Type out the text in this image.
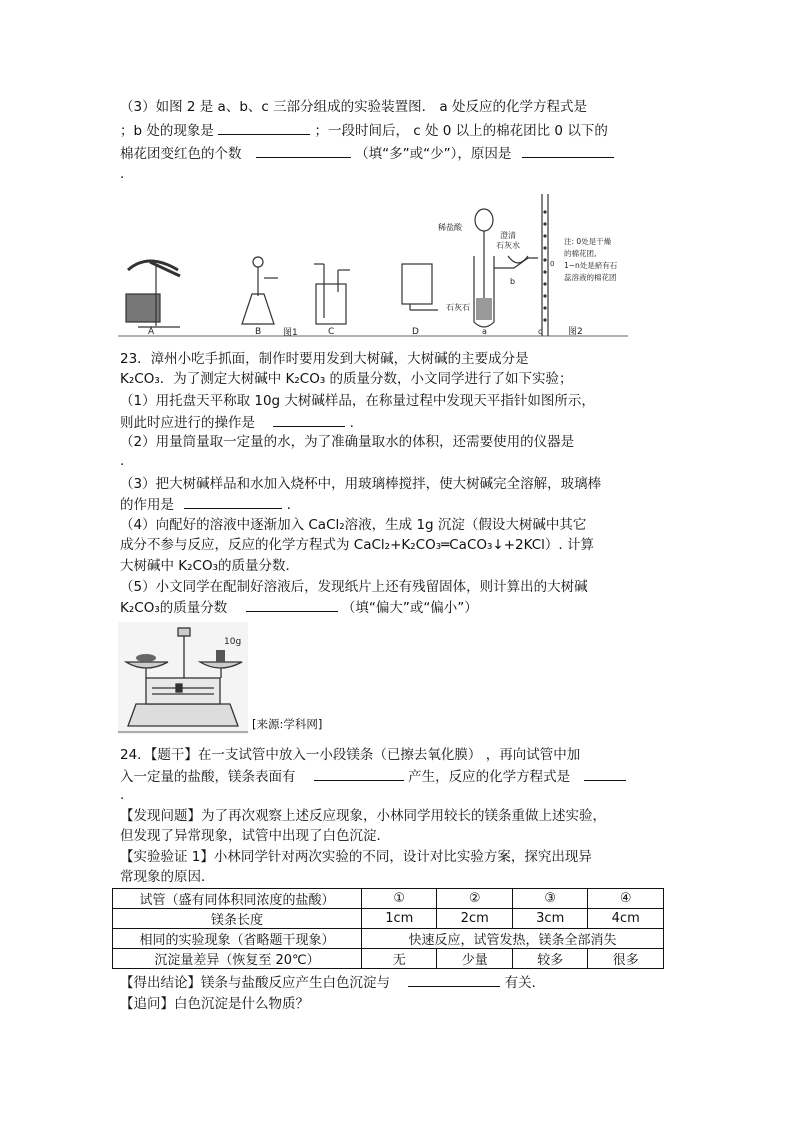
（3）如图 2 是 a、b、c 三部分组成的实验装置图． a 处反应的化学方程式是
；b 处的现象是	；一段时间后， c 处 0 以上的棉花团比 0 以下的
棉花团变红色的个数	（填“多”或“少”），原因是
.
A	B	C	D
图1
稀盐酸
澄清
石灰水
石灰石
a
b
c
0
注: 0处是干燥
的棉花团,
1~n处是瘀有石
蕊溶液的棉花团
图2
23．漳州小吃手抓面，制作时要用发到大树碱，大树碱的主要成分是
K₂CO₃．为了测定大树碱中 K₂CO₃ 的质量分数，小文同学进行了如下实验；
（1）用托盘天平称取 10g 大树碱样品，在称量过程中发现天平指针如图所示，
则此时应进行的操作是	.
（2）用量筒量取一定量的水，为了准确量取水的体积，还需要使用的仪器是
.
（3）把大树碱样品和水加入烧杯中，用玻璃棒搅拌，使大树碱完全溶解，玻璃棒
的作用是	.
（4）向配好的溶液中逐渐加入 CaCl₂溶液，生成 1g 沉淀（假设大树碱中其它
成分不参与反应，反应的化学方程式为 CaCl₂+K₂CO₃═CaCO₃↓+2KCl）. 计算
大树碱中 K₂CO₃的质量分数．
（5）小文同学在配制好溶液后，发现纸片上还有残留固体，则计算出的大树碱
K₂CO₃的质量分数	（填“偏大”或“偏小”）
10g
[来源:学科网]
24．【题干】在一支试管中放入一小段镁条（已擦去氧化膜） ，再向试管中加
入一定量的盐酸，镁条表面有	产生，反应的化学方程式是
.
【发现问题】为了再次观察上述反应现象，小林同学用较长的镁条重做上述实验，
但发现了异常现象，试管中出现了白色沉淀．
【实验验证 1】小林同学针对两次实验的不同，设计对比实验方案，探究出现异
常现象的原因．
试管（盛有同体积同浓度的盐酸）	①	②	③	④
镁条长度	1cm	2cm	3cm	4cm
相同的实验现象（省略题干现象）	快速反应，试管发热，镁条全部消失			
沉淀量差异（恢复至 20℃）	无	少量	较多	很多
【得出结论】镁条与盐酸反应产生白色沉淀与	有关．
【追问】白色沉淀是什么物质？
